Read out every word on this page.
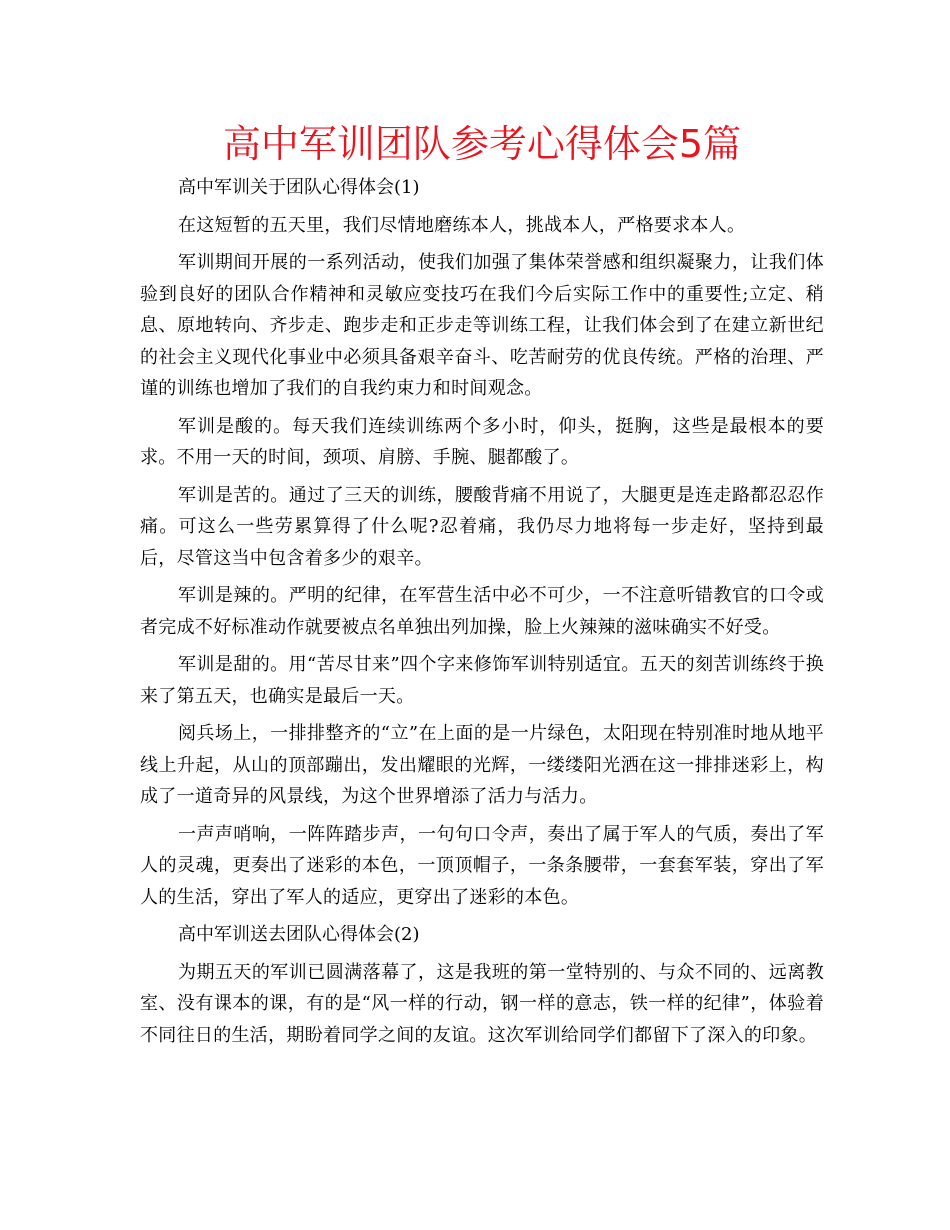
高中军训团队参考心得体会5篇

高中军训关于团队心得体会(1)

在这短暂的五天里，我们尽情地磨练本人，挑战本人，严格要求本人。

军训期间开展的一系列活动，使我们加强了集体荣誉感和组织凝聚力，让我们体验到良好的团队合作精神和灵敏应变技巧在我们今后实际工作中的重要性;立定、稍息、原地转向、齐步走、跑步走和正步走等训练工程，让我们体会到了在建立新世纪的社会主义现代化事业中必须具备艰辛奋斗、吃苦耐劳的优良传统。严格的治理、严谨的训练也增加了我们的自我约束力和时间观念。

军训是酸的。每天我们连续训练两个多小时，仰头，挺胸，这些是最根本的要求。不用一天的时间，颈项、肩膀、手腕、腿都酸了。

军训是苦的。通过了三天的训练，腰酸背痛不用说了，大腿更是连走路都忍忍作痛。可这么一些劳累算得了什么呢?忍着痛，我仍尽力地将每一步走好，坚持到最后，尽管这当中包含着多少的艰辛。

军训是辣的。严明的纪律，在军营生活中必不可少，一不注意听错教官的口令或者完成不好标准动作就要被点名单独出列加操，脸上火辣辣的滋味确实不好受。

军训是甜的。用“苦尽甘来”四个字来修饰军训特别适宜。五天的刻苦训练终于换来了第五天，也确实是最后一天。

阅兵场上，一排排整齐的“立”在上面的是一片绿色，太阳现在特别准时地从地平线上升起，从山的顶部蹦出，发出耀眼的光辉，一缕缕阳光洒在这一排排迷彩上，构成了一道奇异的风景线，为这个世界增添了活力与活力。

一声声哨响，一阵阵踏步声，一句句口令声，奏出了属于军人的气质，奏出了军人的灵魂，更奏出了迷彩的本色，一顶顶帽子，一条条腰带，一套套军装，穿出了军人的生活，穿出了军人的适应，更穿出了迷彩的本色。

高中军训送去团队心得体会(2)

为期五天的军训已圆满落幕了，这是我班的第一堂特别的、与众不同的、远离教室、没有课本的课，有的是“风一样的行动，钢一样的意志，铁一样的纪律”，体验着不同往日的生活，期盼着同学之间的友谊。这次军训给同学们都留下了深入的印象。
